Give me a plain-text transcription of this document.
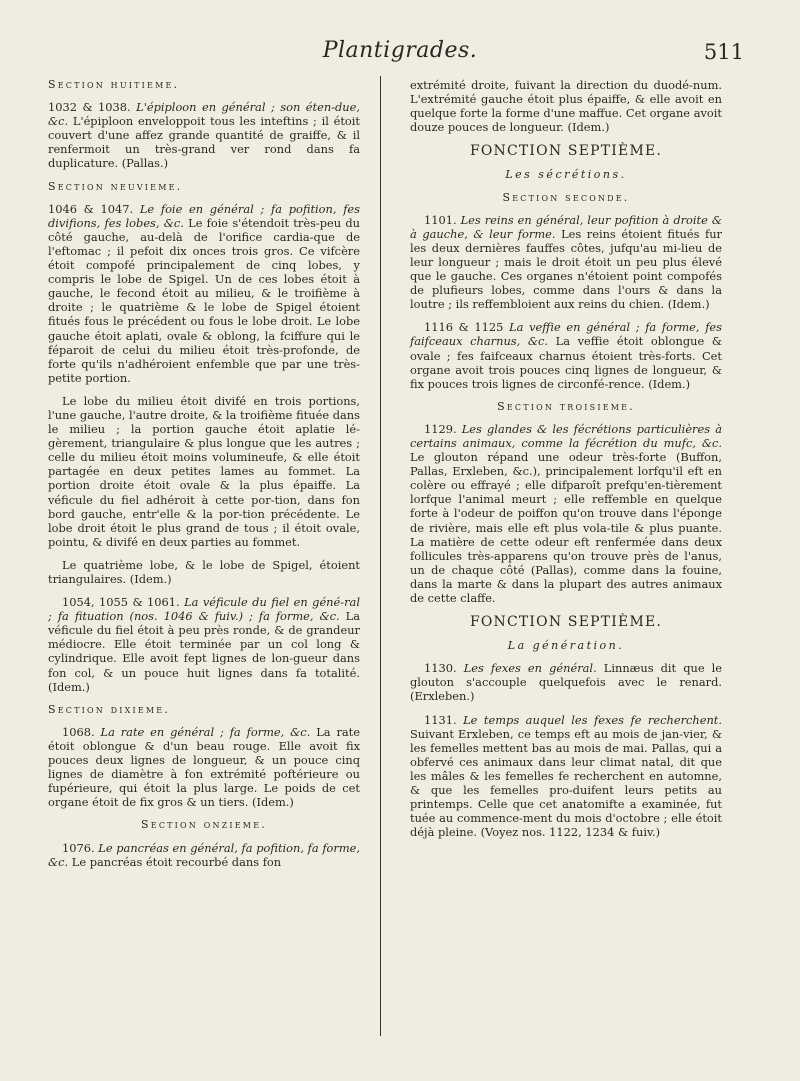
Plantigrades.	511
Section huitieme.

1032 & 1038. L'épiploon en général ; son éten-due, &c. L'épiploon enveloppoit tous les inteftins ; il étoit couvert d'une affez grande quantité de graiffe, & il renfermoit un très-grand ver rond dans fa duplicature. (Pallas.)

Section neuvieme.

1046 & 1047. Le foie en général ; fa pofition, fes divifions, fes lobes, &c. Le foie s'étendoit très-peu du côté gauche, au-delà de l'orifice cardia-que de l'eftomac ; il pefoit dix onces trois gros. Ce vifcère étoit compofé principalement de cinq lobes, y compris le lobe de Spigel. Un de ces lobes étoit à gauche, le fecond étoit au milieu, & le troifième à droite ; le quatrième & le lobe de Spigel étoient fitués fous le précédent ou fous le lobe droit. Le lobe gauche étoit aplati, ovale & oblong, la fciffure qui le féparoit de celui du milieu étoit très-profonde, de forte qu'ils n'adhéroient enfemble que par une très-petite portion.

Le lobe du milieu étoit divifé en trois portions, l'une gauche, l'autre droite, & la troifième fituée dans le milieu ; la portion gauche étoit aplatie lé-gèrement, triangulaire & plus longue que les autres ; celle du milieu étoit moins volumineufe, & elle étoit partagée en deux petites lames au fommet. La portion droite étoit ovale & la plus épaiffe. La véficule du fiel adhéroit à cette por-tion, dans fon bord gauche, entr'elle & la por-tion précédente. Le lobe droit étoit le plus grand de tous ; il étoit ovale, pointu, & divifé en deux parties au fommet.

Le quatrième lobe, & le lobe de Spigel, étoient triangulaires. (Idem.)

1054, 1055 & 1061. La véficule du fiel en géné-ral ; fa fituation (nos. 1046 & fuiv.) ; fa forme, &c. La véficule du fiel étoit à peu près ronde, & de grandeur médiocre. Elle étoit terminée par un col long & cylindrique. Elle avoit fept lignes de lon-gueur dans fon col, & un pouce huit lignes dans fa totalité. (Idem.)

Section dixieme.

1068. La rate en général ; fa forme, &c. La rate étoit oblongue & d'un beau rouge. Elle avoit fix pouces deux lignes de longueur, & un pouce cinq lignes de diamètre à fon extrémité poftérieure ou fupérieure, qui étoit la plus large. Le poids de cet organe étoit de fix gros & un tiers. (Idem.)

Section onzieme.

1076. Le pancréas en général, fa pofition, fa forme, &c. Le pancréas étoit recourbé dans fon

extrémité droite, fuivant la direction du duodé-num. L'extrémité gauche étoit plus épaiffe, & elle avoit en quelque forte la forme d'une maffue. Cet organe avoit douze pouces de longueur. (Idem.)

FONCTION SEPTIÈME.
Les sécrétions.
Section seconde.

1101. Les reins en général, leur pofition à droite & à gauche, & leur forme. Les reins étoient fitués fur les deux dernières fauffes côtes, jufqu'au mi-lieu de leur longueur ; mais le droit étoit un peu plus élevé que le gauche. Ces organes n'étoient point compofés de plufieurs lobes, comme dans l'ours & dans la loutre ; ils reffembloient aux reins du chien. (Idem.)

1116 & 1125 La veffie en général ; fa forme, fes faifceaux charnus, &c. La veffie étoit oblongue & ovale ; fes faifceaux charnus étoient très-forts. Cet organe avoit trois pouces cinq lignes de longueur, & fix pouces trois lignes de circonfé-rence. (Idem.)

Section troisieme.

1129. Les glandes & les fécrétions particulières à certains animaux, comme la fécrétion du mufc, &c. Le glouton répand une odeur très-forte (Buffon, Pallas, Erxleben, &c.), principalement lorfqu'il eft en colère ou effrayé ; elle difparoît prefqu'en-tièrement lorfque l'animal meurt ; elle reffemble en quelque forte à l'odeur de poiffon qu'on trouve dans l'éponge de rivière, mais elle eft plus vola-tile & plus puante. La matière de cette odeur eft renfermée dans deux follicules très-apparens qu'on trouve près de l'anus, un de chaque côté (Pallas), comme dans la fouine, dans la marte & dans la plupart des autres animaux de cette claffe.

FONCTION SEPTIÈME.
La génération.

1130. Les fexes en général. Linnæus dit que le glouton s'accouple quelquefois avec le renard. (Erxleben.)

1131. Le temps auquel les fexes fe recherchent. Suivant Erxleben, ce temps eft au mois de jan-vier, & les femelles mettent bas au mois de mai. Pallas, qui a obfervé ces animaux dans leur climat natal, dit que les mâles & les femelles fe recherchent en automne, & que les femelles pro-duifent leurs petits au printemps. Celle que cet anatomifte a examinée, fut tuée au commence-ment du mois d'octobre ; elle étoit déjà pleine. (Voyez nos. 1122, 1234 & fuiv.)
